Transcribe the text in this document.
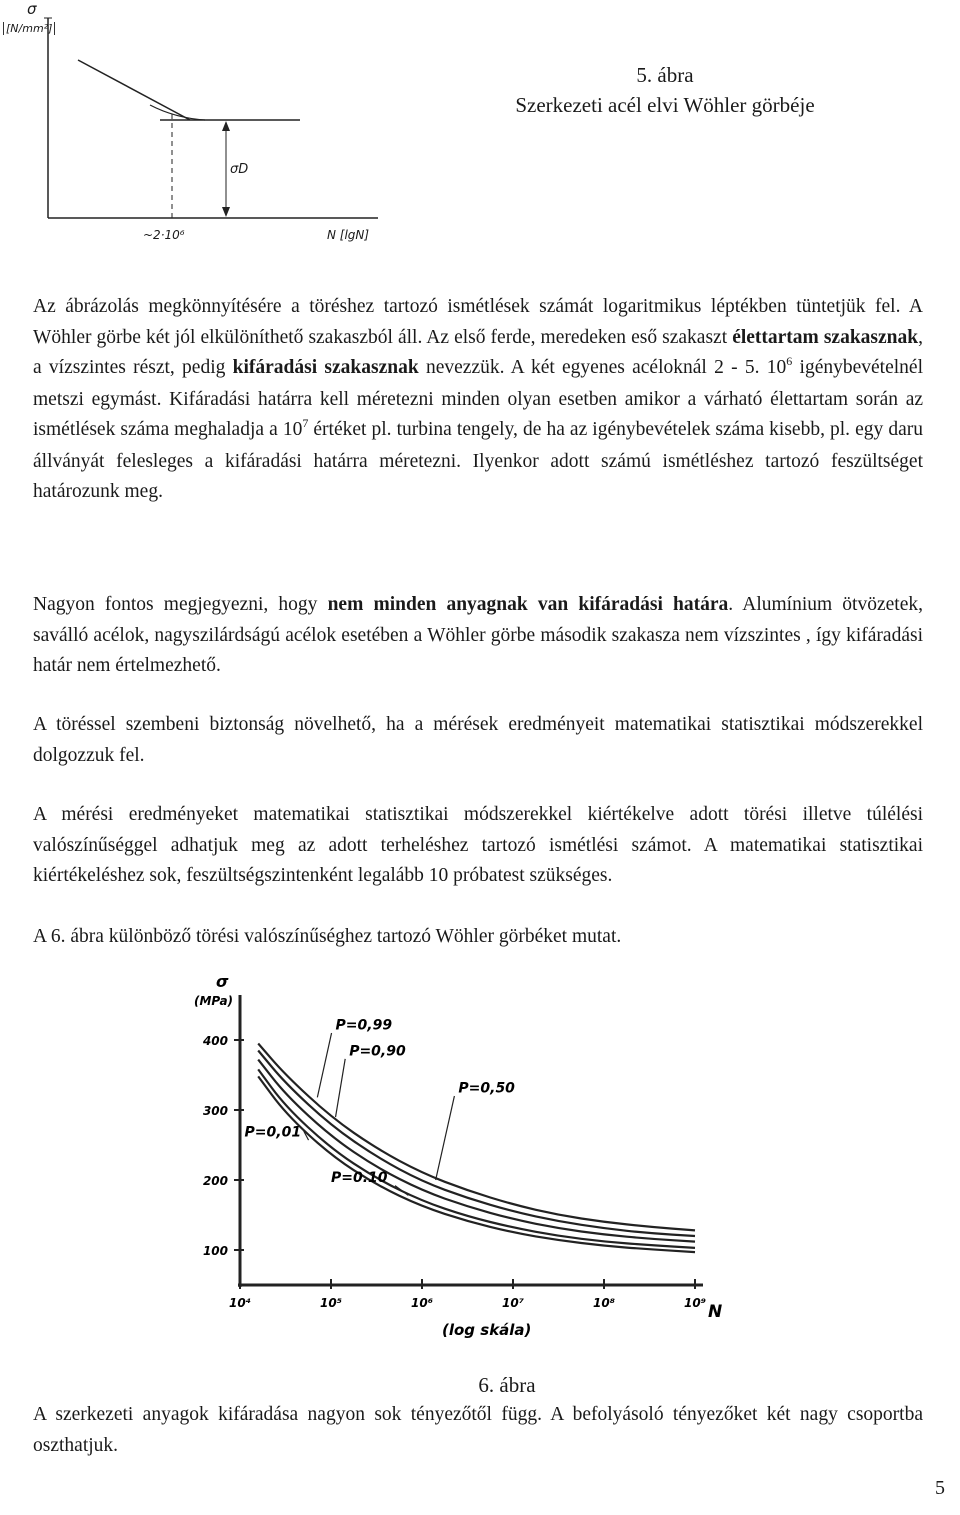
σ
[N/mm²]
σD
~2·10⁶	N [lgN]
5. ábra
Szerkezeti acél elvi Wöhler görbéje

Az ábrázolás megkönnyítésére a töréshez tartozó ismétlések számát logaritmikus léptékben tüntetjük fel. A Wöhler görbe két jól elkülöníthető szakaszból áll. Az első ferde, meredeken eső szakaszt élettartam szakasznak, a vízszintes részt, pedig kifáradási szakasznak nevezzük. A két egyenes acéloknál 2 - 5. $10^6$ igénybevételnél metszi egymást. Kifáradási határra kell méretezni minden olyan esetben amikor a várható élettartam során az ismétlések száma meghaladja a $10^7$ értéket pl. turbina tengely, de ha az igénybevételek száma kisebb, pl. egy daru állványát felesleges a kifáradási határra méretezni. Ilyenkor adott számú ismétléshez tartozó feszültséget határozunk meg.

Nagyon fontos megjegyezni, hogy nem minden anyagnak van kifáradási határa. Alumínium ötvözetek, saválló acélok, nagyszilárdságú acélok esetében a Wöhler görbe második szakasza nem vízszintes , így kifáradási határ nem értelmezhető.

A töréssel szembeni biztonság növelhető, ha a mérések eredményeit matematikai statisztikai módszerekkel dolgozzuk fel.

A mérési eredményeket matematikai statisztikai módszerekkel kiértékelve adott törési illetve túlélési valószínűséggel adhatjuk meg az adott terheléshez tartozó ismétlési számot. A matematikai statisztikai kiértékeléshez sok, feszültségszintenként legalább 10 próbatest szükséges.

A 6. ábra különböző törési valószínűséghez tartozó Wöhler görbéket mutat.

σ
(MPa)
N
(log skála)
400
300
200
100
10⁴	10⁵	10⁶	10⁷	10⁸	10⁹
P=0,99
P=0,90
P=0,50
P=0,01
P=0.10
6. ábra

A szerkezeti anyagok kifáradása nagyon sok tényezőtől függ. A befolyásoló tényezőket két nagy csoportba oszthatjuk.

5
